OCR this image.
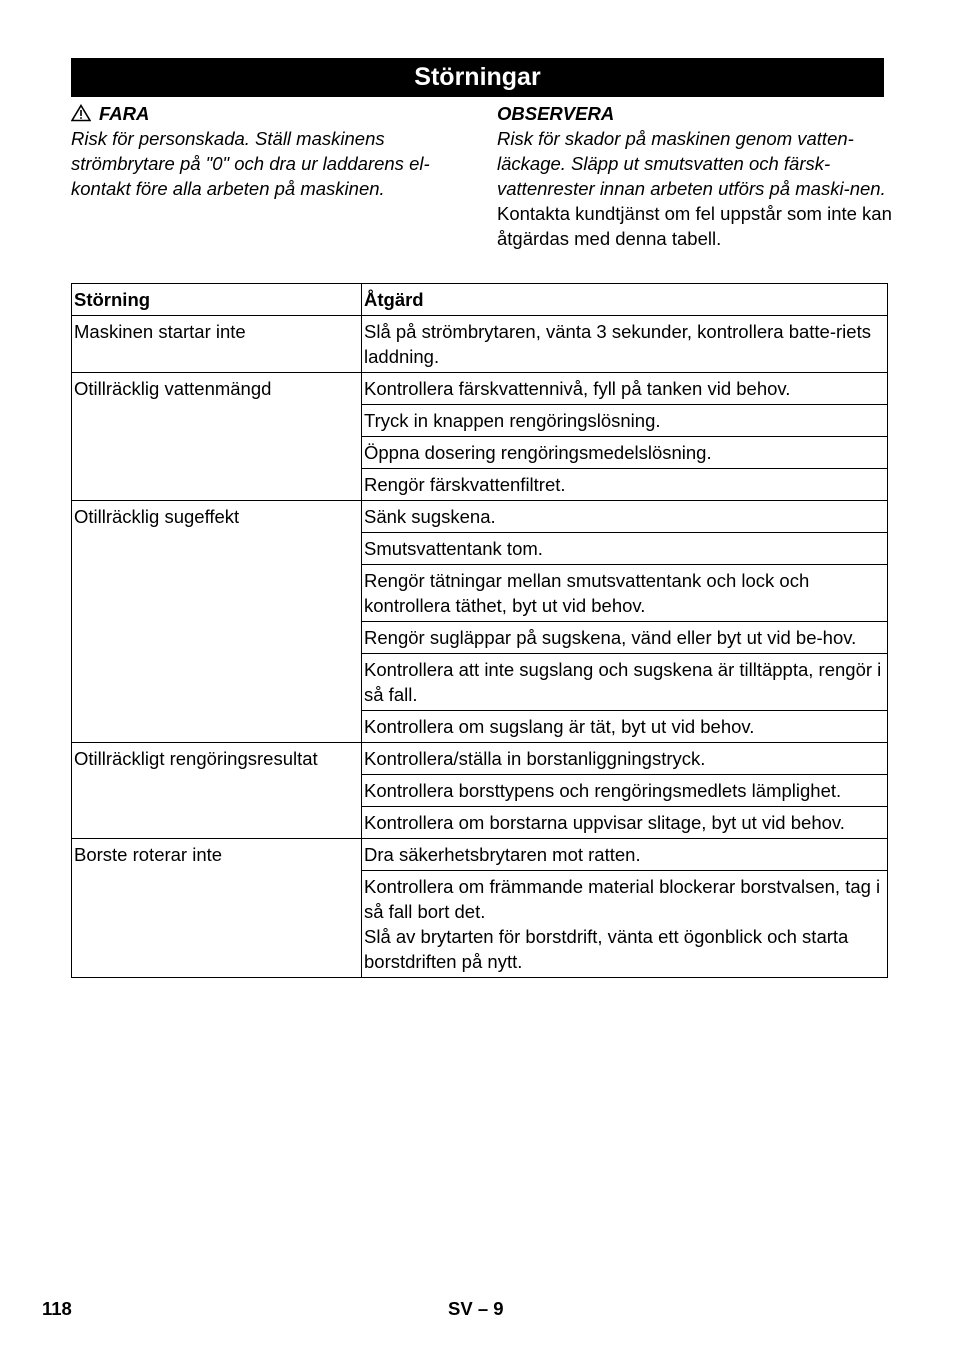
Störningar
FARA
Risk för personskada. Ställ maskinens strömbrytare på "0" och dra ur laddarens el-kontakt före alla arbeten på maskinen.
OBSERVERA
Risk för skador på maskinen genom vatten-läckage. Släpp ut smutsvatten och färsk-vattenrester innan arbeten utförs på maski-nen.
Kontakta kundtjänst om fel uppstår som inte kan åtgärdas med denna tabell.
Störning	Åtgärd
Maskinen startar inte	Slå på strömbrytaren, vänta 3 sekunder, kontrollera batte-riets laddning.
Otillräcklig vattenmängd	Kontrollera färskvattennivå, fyll på tanken vid behov.
	Tryck in knappen rengöringslösning.
	Öppna dosering rengöringsmedelslösning.
	Rengör färskvattenfiltret.
Otillräcklig sugeffekt	Sänk sugskena.
	Smutsvattentank tom.
	Rengör tätningar mellan smutsvattentank och lock och kontrollera täthet, byt ut vid behov.
	Rengör sugläppar på sugskena, vänd eller byt ut vid be-hov.
	Kontrollera att inte sugslang och sugskena är tilltäppta, rengör i så fall.
	Kontrollera om sugslang är tät, byt ut vid behov.
Otillräckligt rengöringsresultat	Kontrollera/ställa in borstanliggningstryck.
	Kontrollera borsttypens och rengöringsmedlets lämplighet.
	Kontrollera om borstarna uppvisar slitage, byt ut vid behov.
Borste roterar inte	Dra säkerhetsbrytaren mot ratten.

	Kontrollera om främmande material blockerar borstvalsen, tag i så fall bort det.
Slå av brytarten för borstdrift, vänta ett ögonblick och starta borstdriften på nytt.
118	SV – 9
